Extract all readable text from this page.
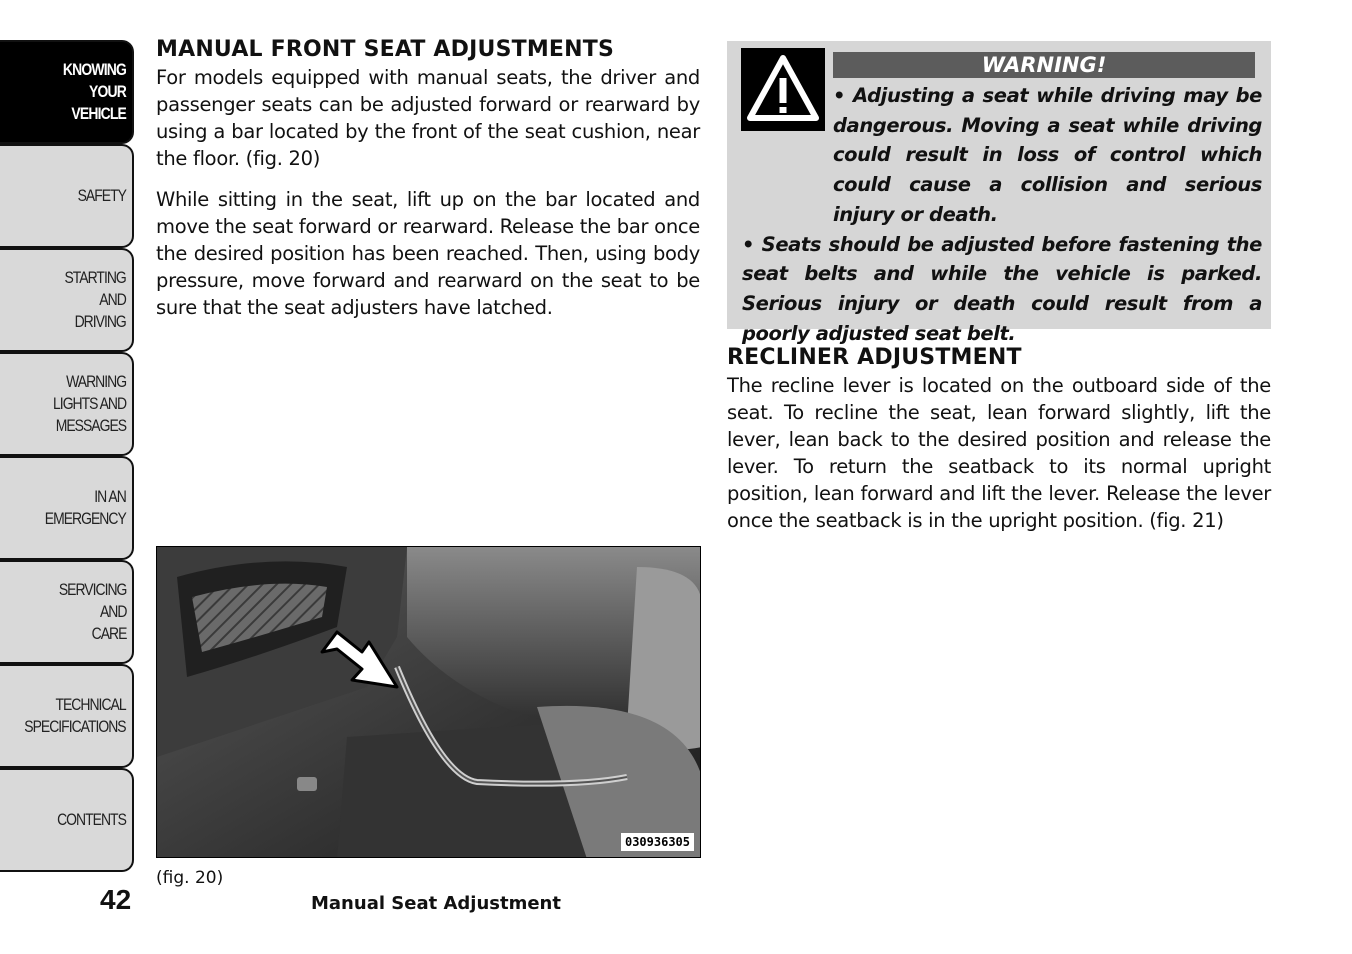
KNOWING
YOUR
VEHICLE
SAFETY
STARTING
AND
DRIVING
WARNING
LIGHTS AND
MESSAGES
IN AN
EMERGENCY
SERVICING
AND
CARE
TECHNICAL
SPECIFICATIONS
CONTENTS
42
MANUAL FRONT SEAT ADJUSTMENTS

For models equipped with manual seats, the driver and passenger seats can be adjusted forward or rearward by using a bar located by the front of the seat cushion, near the floor. (fig. 20)

While sitting in the seat, lift up on the bar located and move the seat forward or rearward. Release the bar once the desired position has been reached. Then, using body pressure, move forward and rearward on the seat to be sure that the seat adjusters have latched.

WARNING!

• Adjusting a seat while driving may be dangerous. Moving a seat while driving could result in loss of control which could cause a collision and serious injury or death.

• Seats should be adjusted before fastening the seat belts and while the vehicle is parked. Serious injury or death could result from a poorly adjusted seat belt.

RECLINER ADJUSTMENT

The recline lever is located on the outboard side of the seat. To recline the seat, lean forward slightly, lift the lever, lean back to the desired position and release the lever. To return the seatback to its normal upright position, lean forward and lift the lever. Release the lever once the seatback is in the upright position. (fig. 21)

030936305
(fig. 20)
Manual Seat Adjustment
